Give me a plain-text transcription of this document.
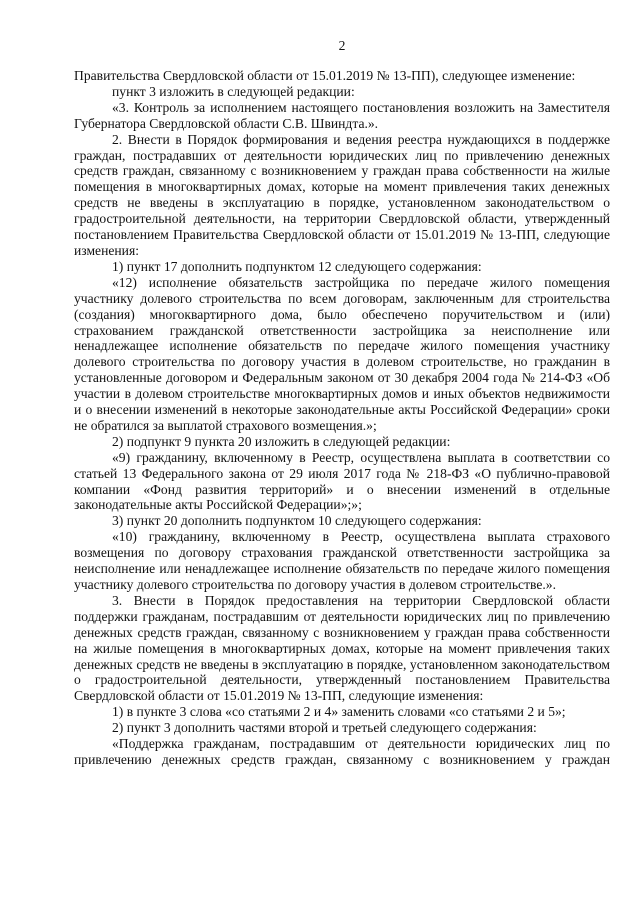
2

Правительства Свердловской области от 15.01.2019 № 13-ПП), следующее изменение:

пункт 3 изложить в следующей редакции:

«3. Контроль за исполнением настоящего постановления возложить на Заместителя Губернатора Свердловской области С.В. Швиндта.».

2. Внести в Порядок формирования и ведения реестра нуждающихся в поддержке граждан, пострадавших от деятельности юридических лиц по привлечению денежных средств граждан, связанному с возникновением у граждан права собственности на жилые помещения в многоквартирных домах, которые на момент привлечения таких денежных средств не введены в эксплуатацию в порядке, установленном законодательством о градостроительной деятельности, на территории Свердловской области, утвержденный постановлением Правительства Свердловской области от 15.01.2019 № 13-ПП, следующие изменения:

1) пункт 17 дополнить подпунктом 12 следующего содержания:

«12) исполнение обязательств застройщика по передаче жилого помещения участнику долевого строительства по всем договорам, заключенным для строительства (создания) многоквартирного дома, было обеспечено поручительством и (или) страхованием гражданской ответственности застройщика за неисполнение или ненадлежащее исполнение обязательств по передаче жилого помещения участнику долевого строительства по договору участия в долевом строительстве, но гражданин в установленные договором и Федеральным законом от 30 декабря 2004 года № 214-ФЗ «Об участии в долевом строительстве многоквартирных домов и иных объектов недвижимости и о внесении изменений в некоторые законодательные акты Российской Федерации» сроки не обратился за выплатой страхового возмещения.»;

2) подпункт 9 пункта 20 изложить в следующей редакции:

«9) гражданину, включенному в Реестр, осуществлена выплата в соответствии со статьей 13 Федерального закона от 29 июля 2017 года № 218-ФЗ «О публично-правовой компании «Фонд развития территорий» и о внесении изменений в отдельные законодательные акты Российской Федерации»;»;

3) пункт 20 дополнить подпунктом 10 следующего содержания:

«10) гражданину, включенному в Реестр, осуществлена выплата страхового возмещения по договору страхования гражданской ответственности застройщика за неисполнение или ненадлежащее исполнение обязательств по передаче жилого помещения участнику долевого строительства по договору участия в долевом строительстве.».

3. Внести в Порядок предоставления на территории Свердловской области поддержки гражданам, пострадавшим от деятельности юридических лиц по привлечению денежных средств граждан, связанному с возникновением у граждан права собственности на жилые помещения в многоквартирных домах, которые на момент привлечения таких денежных средств не введены в эксплуатацию в порядке, установленном законодательством о градостроительной деятельности, утвержденный постановлением Правительства Свердловской области от 15.01.2019 № 13-ПП, следующие изменения:

1) в пункте 3 слова «со статьями 2 и 4» заменить словами «со статьями 2 и 5»;

2) пункт 3 дополнить частями второй и третьей следующего содержания:

«Поддержка гражданам, пострадавшим от деятельности юридических лиц по привлечению денежных средств граждан, связанному с возникновением у граждан
